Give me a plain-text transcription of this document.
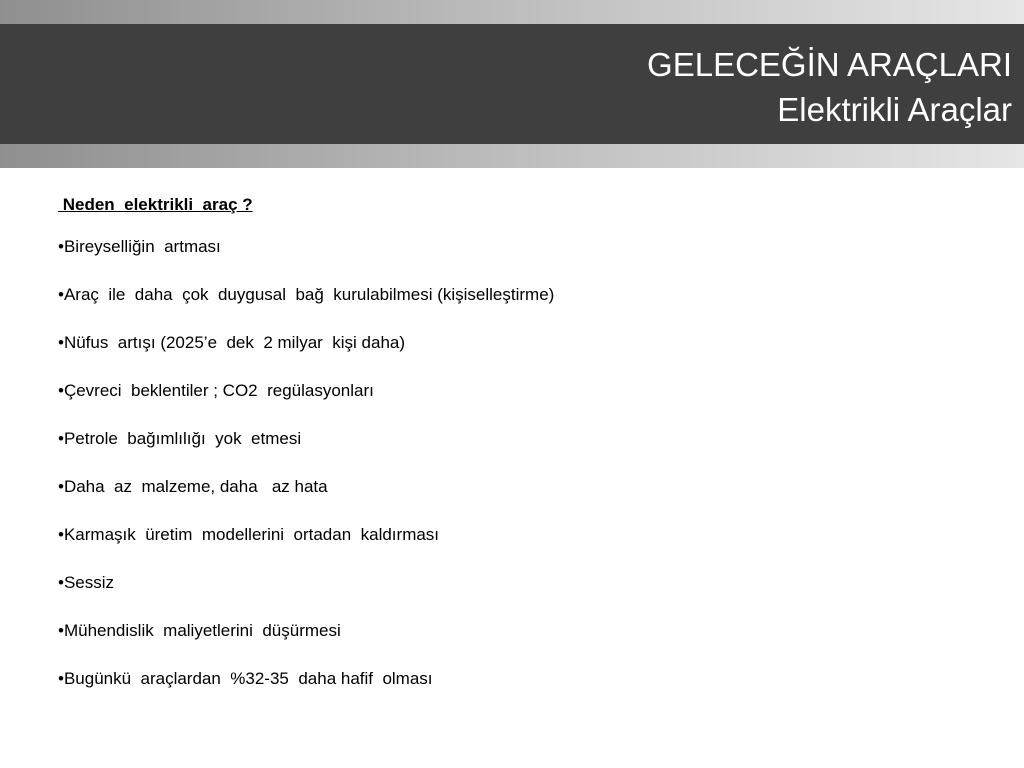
GELECEĞİN ARAÇLARI
Elektrikli Araçlar
Neden  elektrikli  araç ?
•Bireyselliğin  artması
•Araç  ile  daha  çok  duygusal  bağ  kurulabilmesi (kişiselleştirme)
•Nüfus  artışı (2025’e  dek  2 milyar  kişi daha)
•Çevreci  beklentiler ; CO2  regülasyonları
•Petrole  bağımlılığı  yok  etmesi
•Daha  az  malzeme, daha   az hata
•Karmaşık  üretim  modellerini  ortadan  kaldırması
•Sessiz
•Mühendislik  maliyetlerini  düşürmesi
•Bugünkü  araçlardan  %32-35  daha hafif  olması
